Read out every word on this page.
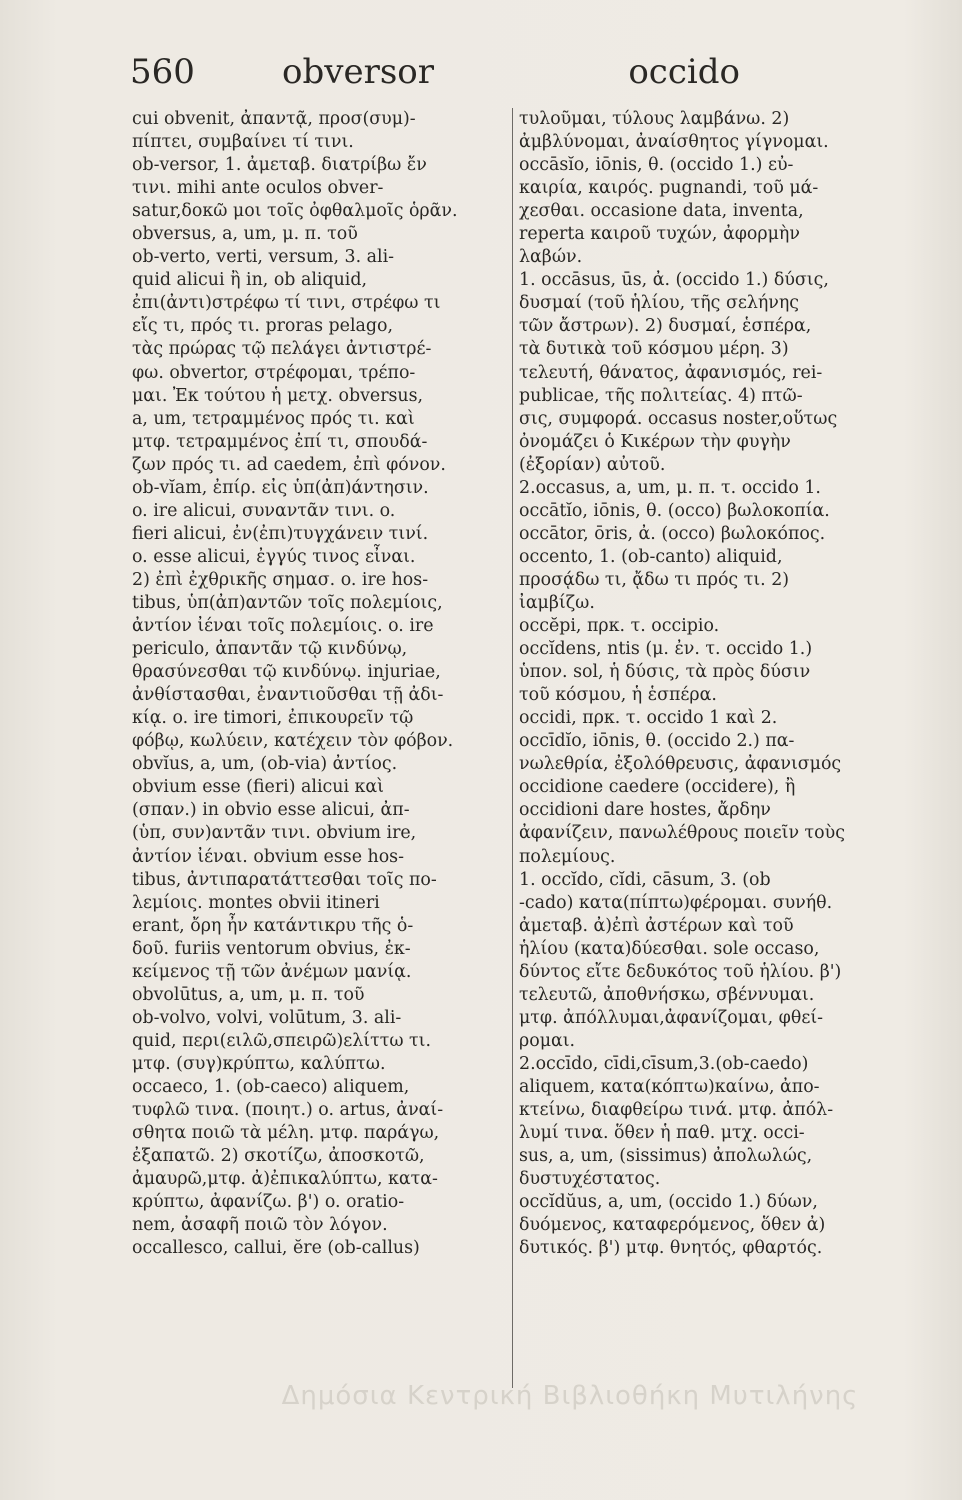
560	obversor	occido
cui obvenit, ἀπαντᾷ, προσ(συμ)-
πίπτει, συμβαίνει τί τινι.
ob-versor, 1. ἀμεταβ. διατρίβω ἔν
τινι. mihi ante oculos obver-
satur,δοκῶ μοι τοῖς ὀφθαλμοῖς ὁρᾶν.
obversus, a, um, μ. π. τοῦ
ob-verto, verti, versum, 3. ali-
quid alicui ἢ in, ob aliquid,
ἐπι(ἀντι)στρέφω τί τινι, στρέφω τι
εἴς τι, πρός τι. proras pelago,
τὰς πρώρας τῷ πελάγει ἀντιστρέ-
φω. obvertor, στρέφομαι, τρέπο-
μαι. Ἐκ τούτου ἡ μετχ. obversus,
a, um, τετραμμένος πρός τι. καὶ
μτφ. τετραμμένος ἐπί τι, σπουδά-
ζων πρός τι. ad caedem, ἐπὶ φόνον.
ob-vĭam, ἐπίρ. εἰς ὑπ(ἀπ)άντησιν.
o. ire alicui, συναντᾶν τινι. o.
fieri alicui, ἐν(ἐπι)τυγχάνειν τινί.
o. esse alicui, ἐγγύς τινος εἶναι.
2) ἐπὶ ἐχθρικῆς σημασ. o. ire hos-
tibus, ὑπ(ἀπ)αντῶν τοῖς πολεμίοις,
ἀντίον ἰέναι τοῖς πολεμίοις. o. ire
periculo, ἀπαντᾶν τῷ κινδύνῳ,
θρασύνεσθαι τῷ κινδύνῳ. injuriae,
ἀνθίστασθαι, ἐναντιοῦσθαι τῇ ἀδι-
κίᾳ. o. ire timori, ἐπικουρεῖν τῷ
φόβῳ, κωλύειν, κατέχειν τὸν φόβον.
obvĭus, a, um, (ob-via) ἀντίος.
obvium esse (fieri) alicui καὶ
(σπαν.) in obvio esse alicui, ἀπ-
(ὑπ, συν)αντᾶν τινι. obvium ire,
ἀντίον ἰέναι. obvium esse hos-
tibus, ἀντιπαρατάττεσθαι τοῖς πο-
λεμίοις. montes obvii itineri
erant, ὄρη ἦν κατάντικρυ τῆς ὁ-
δοῦ. furiis ventorum obvius, ἐκ-
κείμενος τῇ τῶν ἀνέμων μανίᾳ.
obvolūtus, a, um, μ. π. τοῦ
ob-volvo, volvi, volūtum, 3. ali-
quid, περι(ειλῶ,σπειρῶ)ελίττω τι.
μτφ. (συγ)κρύπτω, καλύπτω.
occaeco, 1. (ob-caeco) aliquem,
τυφλῶ τινα. (ποιητ.) o. artus, ἀναί-
σθητα ποιῶ τὰ μέλη. μτφ. παράγω,
ἐξαπατῶ. 2) σκοτίζω, ἀποσκοτῶ,
ἀμαυρῶ,μτφ. ἀ)ἐπικαλύπτω, κατα-
κρύπτω, ἀφανίζω. β') o. oratio-
nem, ἀσαφῆ ποιῶ τὸν λόγον.
occallesco, callui, ĕre (ob-callus)
τυλοῦμαι, τύλους λαμβάνω. 2)
ἀμβλύνομαι, ἀναίσθητος γίγνομαι.
occāsĭo, iōnis, θ. (occido 1.) εὐ-
καιρία, καιρός. pugnandi, τοῦ μά-
χεσθαι. occasione data, inventa,
reperta καιροῦ τυχών, ἀφορμὴν
λαβών.
1. occāsus, ūs, ἀ. (occido 1.) δύσις,
δυσμαί (τοῦ ἡλίου, τῆς σελήνης
τῶν ἄστρων). 2) δυσμαί, ἑσπέρα,
τὰ δυτικὰ τοῦ κόσμου μέρη. 3)
τελευτή, θάνατος, ἀφανισμός, rei-
publicae, τῆς πολιτείας. 4) πτῶ-
σις, συμφορά. occasus noster,οὕτως
ὀνομάζει ὁ Κικέρων τὴν φυγὴν
(ἐξορίαν) αὐτοῦ.
2.occasus, a, um, μ. π. τ. occido 1.
occātĭo, iōnis, θ. (occo) βωλοκοπία.
occātor, ōris, ἀ. (occo) βωλοκόπος.
occento, 1. (ob-canto) aliquid,
προσᾴδω τι, ᾄδω τι πρός τι. 2)
ἰαμβίζω.
occĕpi, πρκ. τ. occipio.
occĭdens, ntis (μ. ἐν. τ. occido 1.)
ὑπον. sol, ἡ δύσις, τὰ πρὸς δύσιν
τοῦ κόσμου, ἡ ἑσπέρα.
occidi, πρκ. τ. occido 1 καὶ 2.
occīdĭo, iōnis, θ. (occido 2.) πα-
νωλεθρία, ἐξολόθρευσις, ἀφανισμός
occidione caedere (occidere), ἢ
occidioni dare hostes, ἄρδην
ἀφανίζειν, πανωλέθρους ποιεῖν τοὺς
πολεμίους.
1. occĭdo, cĭdi, cāsum, 3. (ob
-cado) κατα(πίπτω)φέρομαι. συνήθ.
ἀμεταβ. ἀ)ἐπὶ ἀστέρων καὶ τοῦ
ἡλίου (κατα)δύεσθαι. sole occaso,
δύντος εἴτε δεδυκότος τοῦ ἡλίου. β')
τελευτῶ, ἀποθνήσκω, σβέννυμαι.
μτφ. ἀπόλλυμαι,ἀφανίζομαι, φθεί-
ρομαι.
2.occīdo, cīdi,cīsum,3.(ob-caedo)
aliquem, κατα(κόπτω)καίνω, ἀπο-
κτείνω, διαφθείρω τινά. μτφ. ἀπόλ-
λυμί τινα. ὅθεν ἡ παθ. μτχ. occi-
sus, a, um, (sissimus) ἀπολωλώς,
δυστυχέστατος.
occĭdŭus, a, um, (occido 1.) δύων,
δυόμενος, καταφερόμενος, ὅθεν ἀ)
δυτικός. β') μτφ. θνητός, φθαρτός.
Δημόσια Κεντρική Βιβλιοθήκη Μυτιλήνης
